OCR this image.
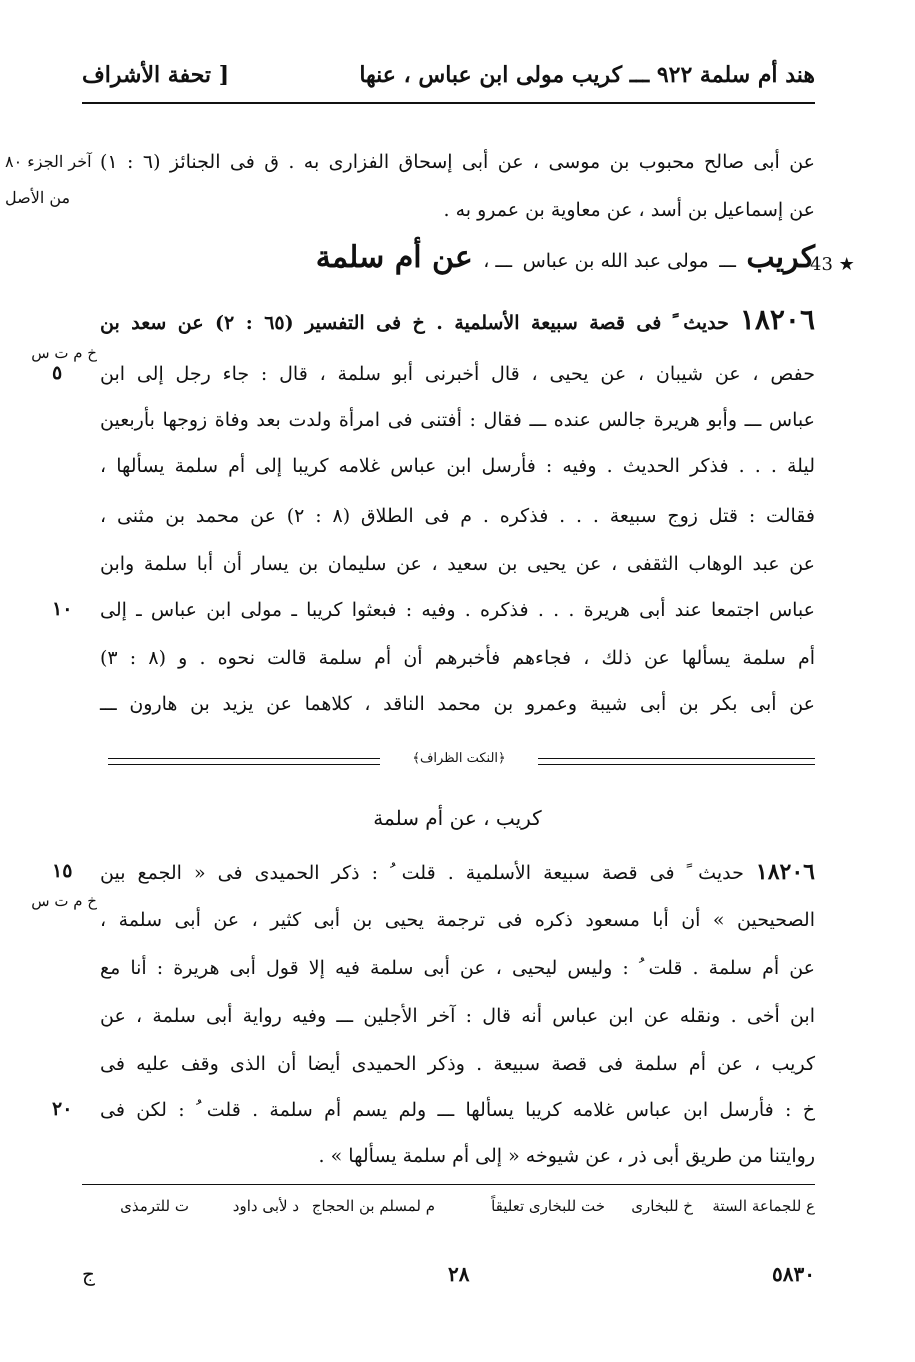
هند أم سلمة ٩٢٢ ـــ كريب مولى ابن عباس ، عنها
[ تحفة الأشراف
آخر الجزء ٨٠
من الأصل
عن أبى صالح محبوب بن موسى ، عن أبى إسحاق الفزارى به . ق فى الجنائز (٦ : ١)
عن إسماعيل بن أسد ، عن معاوية بن عمرو به .
43 ★
كريب ـــ مولى عبد الله بن عباس ـــ ، عن أم سلمة
١٨٢٠٦ حديث ً فى قصة سبيعة الأسلمية . خ فى التفسير (٦٥ : ٢) عن سعد بن
خ م ت س
حفص ، عن شيبان ، عن يحيى ، قال أخبرنى أبو سلمة ، قال : جاء رجل إلى ابن
٥
عباس ـــ وأبو هريرة جالس عنده ـــ فقال : أفتنى فى امرأة ولدت بعد وفاة زوجها بأربعين
ليلة . . . فذكر الحديث . وفيه : فأرسل ابن عباس غلامه كريبا إلى أم سلمة يسألها ،
فقالت : قتل زوج سبيعة . . . فذكره . م فى الطلاق (٨ : ٢) عن محمد بن مثنى ،
عن عبد الوهاب الثقفى ، عن يحيى بن سعيد ، عن سليمان بن يسار أن أبا سلمة وابن
عباس اجتمعا عند أبى هريرة . . . فذكره . وفيه : فبعثوا كريبا ـ مولى ابن عباس ـ إلى
١٠
أم سلمة يسألها عن ذلك ، فجاءهم فأخبرهم أن أم سلمة قالت نحوه . و (٨ : ٣)
عن أبى بكر بن أبى شيبة وعمرو بن محمد الناقد ، كلاهما عن يزيد بن هارون ـــ
﴿النكت الظراف﴾
كريب ، عن أم سلمة
١٨٢٠٦ حديث ً فى قصة سبيعة الأسلمية . قلت ُ : ذكر الحميدى فى « الجمع بين
١٥
خ م ت س
الصحيحين » أن أبا مسعود ذكره فى ترجمة يحيى بن أبى كثير ، عن أبى سلمة ،
عن أم سلمة . قلت ُ : وليس ليحيى ، عن أبى سلمة فيه إلا قول أبى هريرة : أنا مع
ابن أخى . ونقله عن ابن عباس أنه قال : آخر الأجلين ـــ وفيه رواية أبى سلمة ، عن
كريب ، عن أم سلمة فى قصة سبيعة . وذكر الحميدى أيضا أن الذى وقف عليه فى
خ : فأرسل ابن عباس غلامه كريبا يسألها ـــ ولم يسم أم سلمة . قلت ُ : لكن فى
٢٠
روايتنا من طريق أبى ذر ، عن شيوخه « إلى أم سلمة يسألها » .
ع للجماعة الستة
خ للبخارى
خت للبخارى تعليقاً
م لمسلم بن الحجاج
د لأبى داود
ت للترمذى
٥٨٣٠
٢٨
ج
